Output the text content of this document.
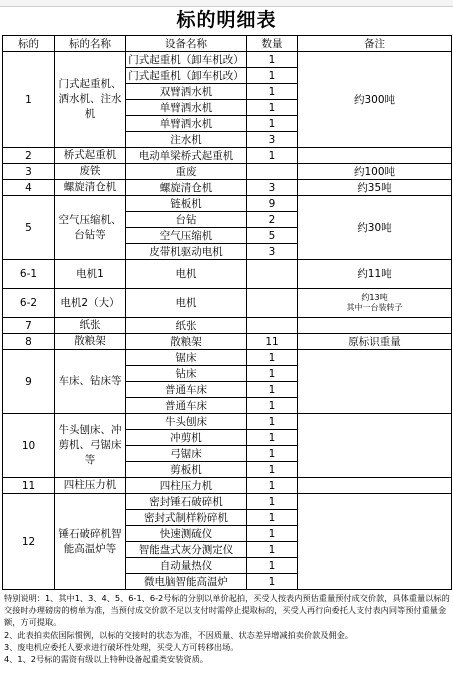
标的明细表
标的	标的名称	设备名称	数量	备注
1	门式起重机、洒水机、注水机	门式起重机（卸车机改）	1	约300吨
		门式起重机（卸车机改）	1	
		双臂洒水机	1	
		单臂洒水机	1	
		单臂洒水机	1	
		注水机	3	
2	桥式起重机	电动单梁桥式起重机	1	
3	废铁	重废		约100吨
4	螺旋清仓机	螺旋清仓机	3	约35吨
5	空气压缩机、台钻等	链板机	9	约30吨
		台钻	2	
		空气压缩机	5	
		皮带机驱动电机	3	
6-1	电机1	电机		约11吨
6-2	电机2（大）	电机		约13吨
其中一台装转子
7	纸张	纸张		
8	散粮架	散粮架	11	原标识重量
9	车床、钻床等	锯床	1	
		钻床	1	
		普通车床	1	
		普通车床	1	
10	牛头刨床、冲剪机、弓锯床等	牛头刨床	1	
		冲剪机	1	
		弓锯床	1	
		剪板机	1	
11	四柱压力机	四柱压力机	1	
12	锤石破碎机智能高温炉等	密封锤石破碎机	1	
		密封式制样粉碎机	1	
		快速测硫仪	1	
		智能盘式灰分测定仪	1	
		自动量热仪	1	
		微电脑智能高温炉	1	
特别说明：1、其中1、3、4、5、6-1、6-2号标的分别以单价起拍，买受人按表内预估重量预付成交价款，具体重量以标的交接时办理磅房的榜单为准，当预付成交价款不足以支付时需停止提取标的，买受人再行向委托人支付表内同等预付重量金额，方可提取。
2、此表拍卖依国际惯例，以标的交接时的状态为准，不因质量、状态差异增减拍卖价款及佣金。
3、废电机应委托人要求进行破坏性处理，买受人方可转移出场。
4、1、2号标的需资有级以上特种设备起重类安装资质。
